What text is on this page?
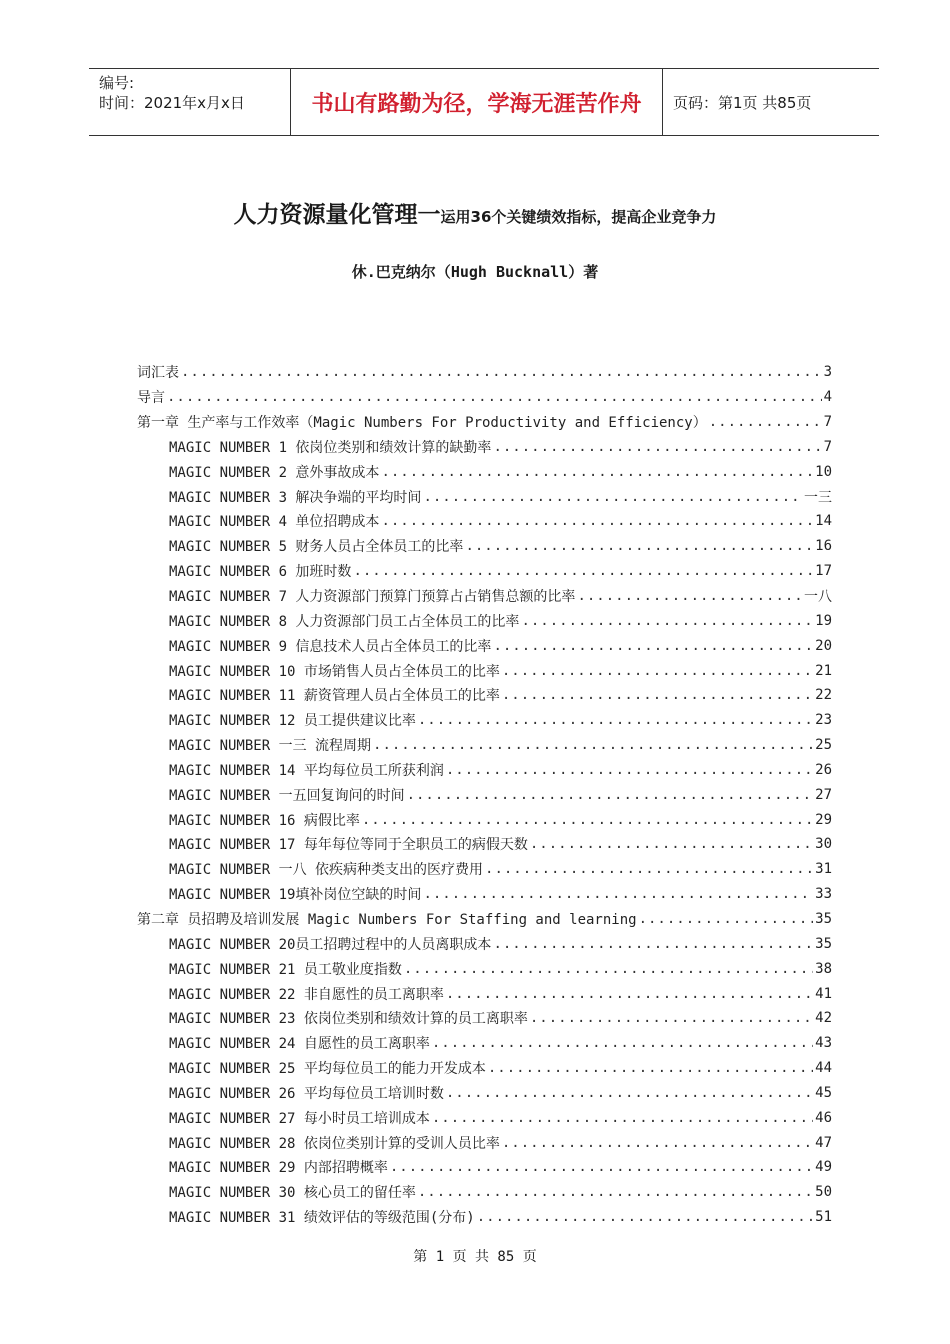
编号:
时间：2021年x月x日	书山有路勤为径，学海无涯苦作舟	页码：第1页 共85页
人力资源量化管理一运用36个关键绩效指标，提高企业竞争力
休.巴克纳尔（Hugh Bucknall）著
词汇表 .....	3
导言 .....	4
第一章 生产率与工作效率（Magic Numbers For Productivity and Efficiency） .....	7
MAGIC NUMBER 1 依岗位类别和绩效计算的缺勤率 .....	7
MAGIC NUMBER 2 意外事故成本 .....	10
MAGIC NUMBER 3 解决争端的平均时间 .....	一三
MAGIC NUMBER 4 单位招聘成本 .....	14
MAGIC NUMBER 5 财务人员占全体员工的比率 .....	16
MAGIC NUMBER 6 加班时数 .....	17
MAGIC NUMBER 7 人力资源部门预算门预算占占销售总额的比率 .....	一八
MAGIC NUMBER 8 人力资源部门员工占全体员工的比率 .....	19
MAGIC NUMBER 9 信息技术人员占全体员工的比率 .....	20
MAGIC NUMBER 10 市场销售人员占全体员工的比率 .....	21
MAGIC NUMBER 11 薪资管理人员占全体员工的比率 .....	22
MAGIC NUMBER 12 员工提供建议比率 .....	23
MAGIC NUMBER 一三 流程周期 .....	25
MAGIC NUMBER 14 平均每位员工所获利润 .....	26
MAGIC NUMBER 一五回复询问的时间 .....	27
MAGIC NUMBER 16 病假比率 .....	29
MAGIC NUMBER 17 每年每位等同于全职员工的病假天数 .....	30
MAGIC NUMBER 一八 依疾病种类支出的医疗费用 .....	31
MAGIC NUMBER 19填补岗位空缺的时间 .....	33
第二章 员招聘及培训发展 Magic Numbers For Staffing and learning .....	35
MAGIC NUMBER 20员工招聘过程中的人员离职成本 .....	35
MAGIC NUMBER 21 员工敬业度指数 .....	38
MAGIC NUMBER 22 非自愿性的员工离职率 .....	41
MAGIC NUMBER 23 依岗位类别和绩效计算的员工离职率 .....	42
MAGIC NUMBER 24 自愿性的员工离职率 .....	43
MAGIC NUMBER 25 平均每位员工的能力开发成本 .....	44
MAGIC NUMBER 26 平均每位员工培训时数 .....	45
MAGIC NUMBER 27 每小时员工培训成本 .....	46
MAGIC NUMBER 28 依岗位类别计算的受训人员比率 .....	47
MAGIC NUMBER 29 内部招聘概率 .....	49
MAGIC NUMBER 30 核心员工的留任率 .....	50
MAGIC NUMBER 31 绩效评估的等级范围(分布) .....	51
第 1 页 共 85 页
